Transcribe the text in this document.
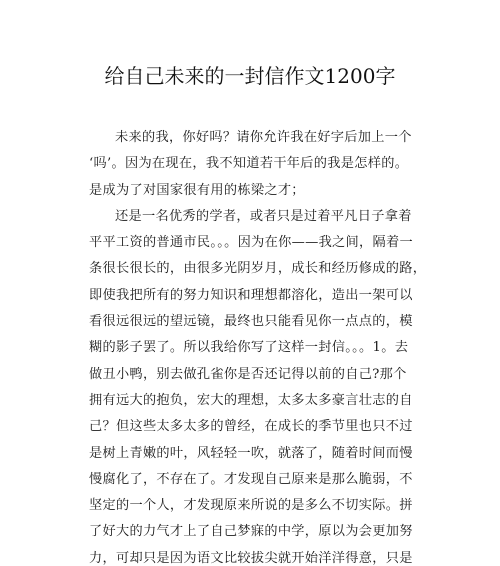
给自己未来的一封信作文1200字
未来的我，你好吗？请你允许我在好字后加上一个
‘吗’。因为在现在，我不知道若干年后的我是怎样的。
是成为了对国家很有用的栋梁之才；
还是一名优秀的学者，或者只是过着平凡日子拿着
平平工资的普通市民。。。因为在你——我之间，隔着一
条很长很长的，由很多光阴岁月，成长和经历修成的路，
即使我把所有的努力知识和理想都溶化，造出一架可以
看很远很远的望远镜，最终也只能看见你一点点的，模
糊的影子罢了。所以我给你写了这样一封信。。。1。去
做丑小鸭，别去做孔雀你是否还记得以前的自己?那个
拥有远大的抱负，宏大的理想，太多太多豪言壮志的自
己？但这些太多太多的曾经，在成长的季节里也只不过
是树上青嫩的叶，风轻轻一吹，就落了，随着时间而慢
慢腐化了，不存在了。才发现自己原来是那么脆弱，不
坚定的一个人，才发现原来所说的是多么不切实际。拼
了好大的力气才上了自己梦寐的中学，原以为会更加努
力，可却只是因为语文比较拔尖就开始洋洋得意，只是
